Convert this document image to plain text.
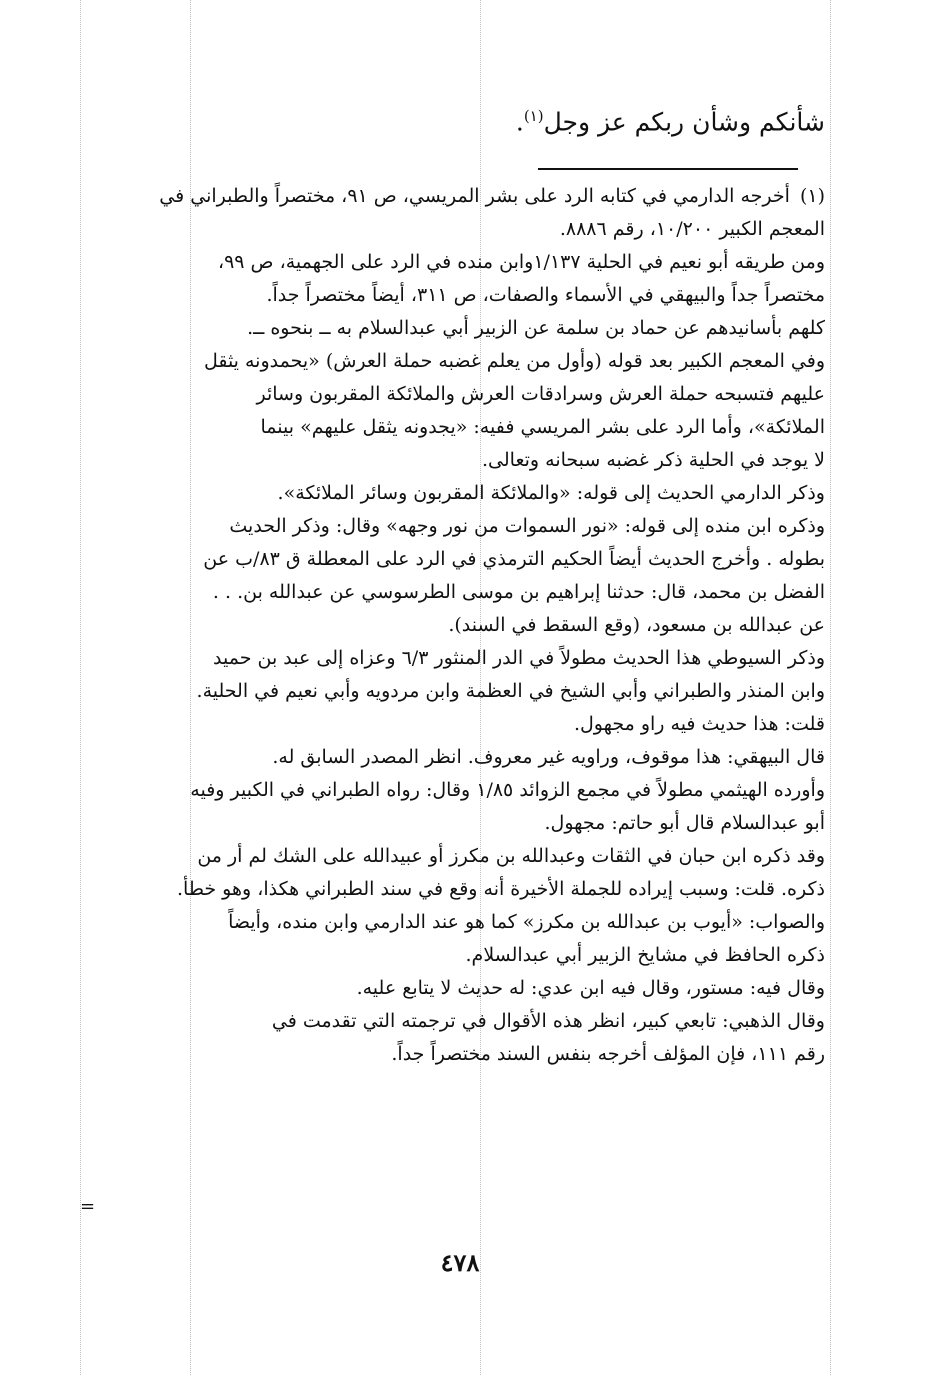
شأنكم وشأن ربكم عز وجل$^{(١)}$.
(١)أخرجه الدارمي في كتابه الرد على بشر المريسي، ص ٩١، مختصراً والطبراني في
المعجم الكبير ١٠/٢٠٠، رقم ٨٨٨٦.
ومن طريقه أبو نعيم في الحلية ١/١٣٧وابن منده في الرد على الجهمية، ص ٩٩،
مختصراً جداً والبيهقي في الأسماء والصفات، ص ٣١١، أيضاً مختصراً جداً.
كلهم بأسانيدهم عن حماد بن سلمة عن الزبير أبي عبدالسلام به ــ بنحوه ــ.
وفي المعجم الكبير بعد قوله (وأول من يعلم غضبه حملة العرش) «يحمدونه يثقل
عليهم فتسبحه حملة العرش وسرادقات العرش والملائكة المقربون وسائر
الملائكة»، وأما الرد على بشر المريسي ففيه: «يجدونه يثقل عليهم» بينما
لا يوجد في الحلية ذكر غضبه سبحانه وتعالى.
وذكر الدارمي الحديث إلى قوله: «والملائكة المقربون وسائر الملائكة».
وذكره ابن منده إلى قوله: «نور السموات من نور وجهه» وقال: وذكر الحديث
بطوله . وأخرج الحديث أيضاً الحكيم الترمذي في الرد على المعطلة ق ٨٣/ب عن
الفضل بن محمد، قال: حدثنا إبراهيم بن موسى الطرسوسي عن عبدالله بن. . .
عن عبدالله بن مسعود، (وقع السقط في السند).
وذكر السيوطي هذا الحديث مطولاً في الدر المنثور ٦/٣ وعزاه إلى عبد بن حميد
وابن المنذر والطبراني وأبي الشيخ في العظمة وابن مردويه وأبي نعيم في الحلية.
قلت: هذا حديث فيه راو مجهول.
قال البيهقي: هذا موقوف، وراويه غير معروف. انظر المصدر السابق له.
وأورده الهيثمي مطولاً في مجمع الزوائد ١/٨٥ وقال: رواه الطبراني في الكبير وفيه
أبو عبدالسلام قال أبو حاتم: مجهول.
وقد ذكره ابن حبان في الثقات وعبدالله بن مكرز أو عبيدالله على الشك لم أر من
ذكره. قلت: وسبب إيراده للجملة الأخيرة أنه وقع في سند الطبراني هكذا، وهو خطأ.
والصواب: «أيوب بن عبدالله بن مكرز» كما هو عند الدارمي وابن منده، وأيضاً
ذكره الحافظ في مشايخ الزبير أبي عبدالسلام.
وقال فيه: مستور، وقال فيه ابن عدي: له حديث لا يتابع عليه.
وقال الذهبي: تابعي كبير، انظر هذه الأقوال في ترجمته التي تقدمت في
رقم ١١١، فإن المؤلف أخرجه بنفس السند مختصراً جداً.
=
٤٧٨
